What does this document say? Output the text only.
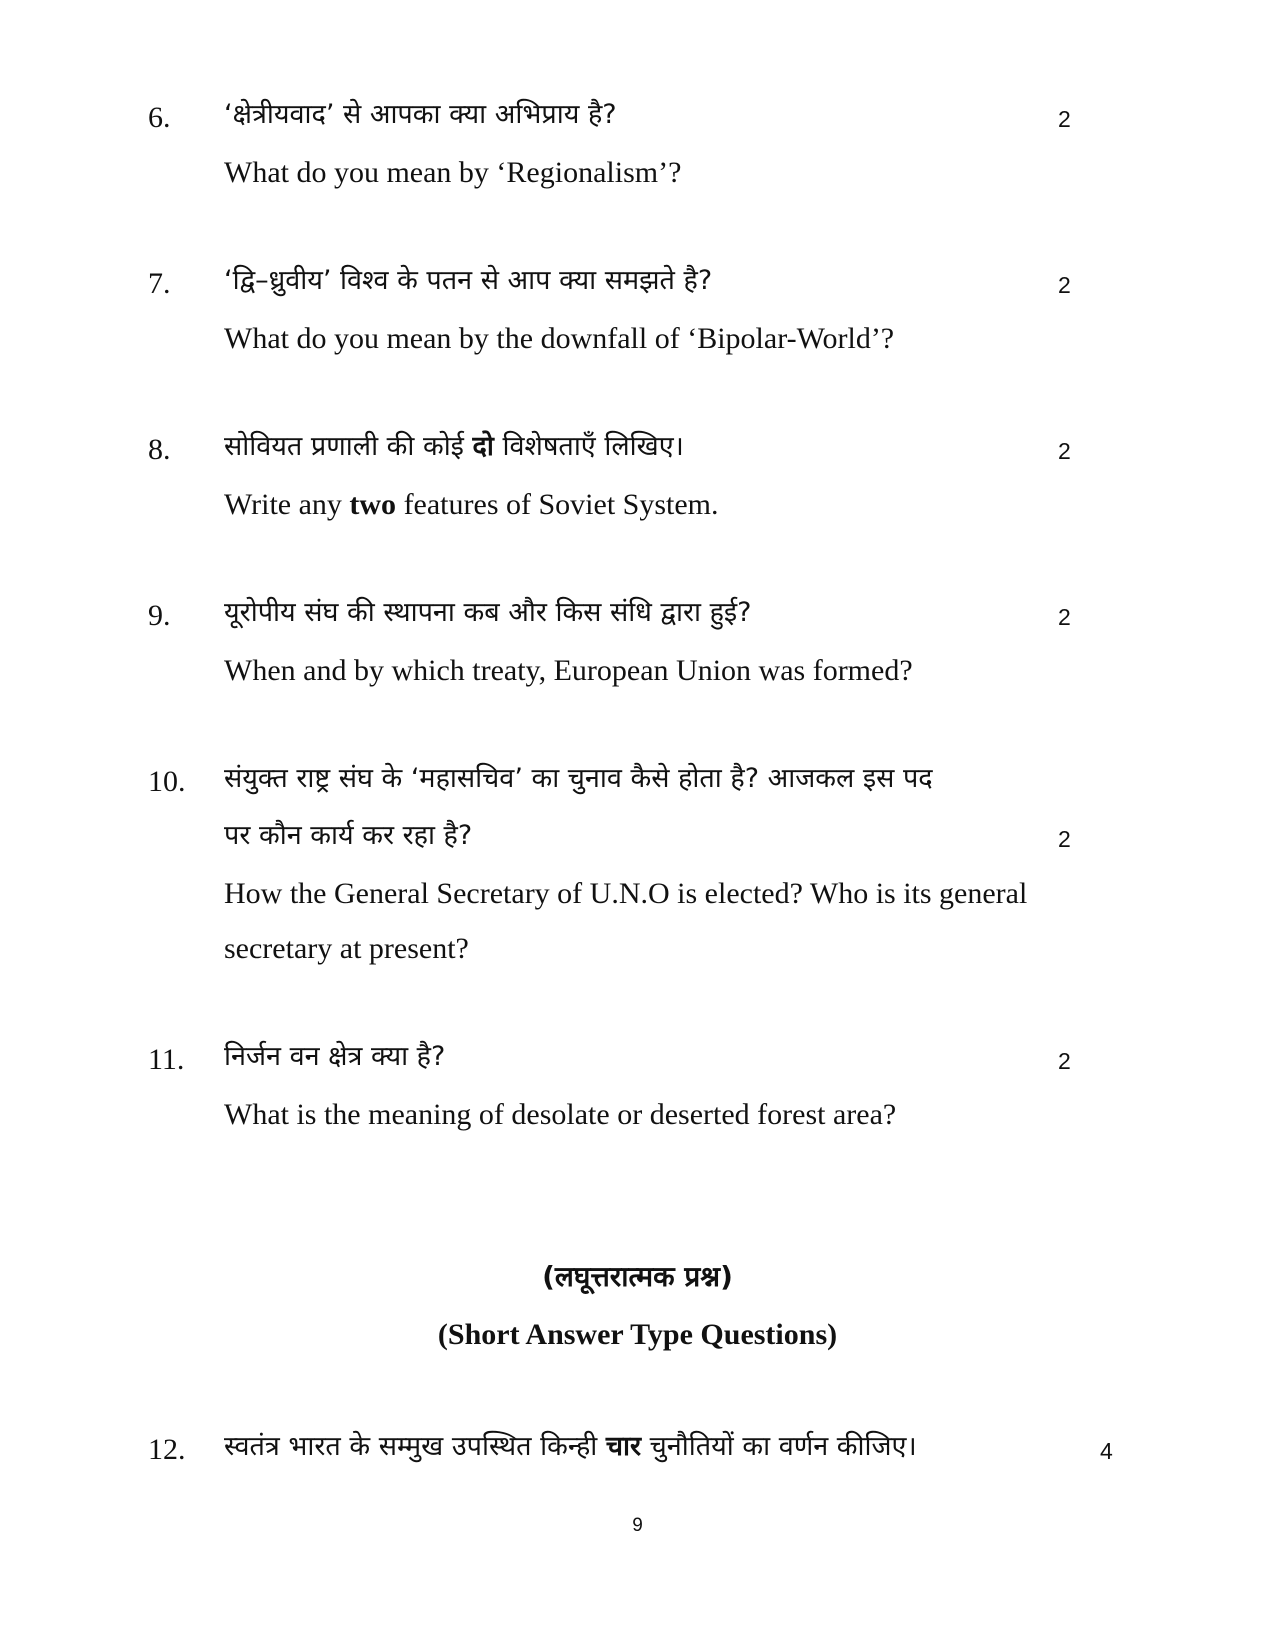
6. ‘क्षेत्रीयवाद’ से आपका क्या अभिप्राय है?	2
What do you mean by ‘Regionalism’?
7. ‘द्वि–ध्रुवीय’ विश्व के पतन से आप क्या समझते है?	2
What do you mean by the downfall of ‘Bipolar-World’?
8. सोवियत प्रणाली की कोई दो विशेषताएँ लिखिए।	2
Write any two features of Soviet System.
9. यूरोपीय संघ की स्थापना कब और किस संधि द्वारा हुई?	2
When and by which treaty, European Union was formed?
10. संयुक्त राष्ट्र संघ के ‘महासचिव’ का चुनाव कैसे होता है? आजकल इस पद
पर कौन कार्य कर रहा है?	2
How the General Secretary of U.N.O is elected? Who is its general
secretary at present?
11. निर्जन वन क्षेत्र क्या है?	2
What is the meaning of desolate or deserted forest area?
(लघूत्तरात्मक प्रश्न)
(Short Answer Type Questions)
12. स्वतंत्र भारत के सम्मुख उपस्थित किन्ही चार चुनौतियों का वर्णन कीजिए।	4
9
